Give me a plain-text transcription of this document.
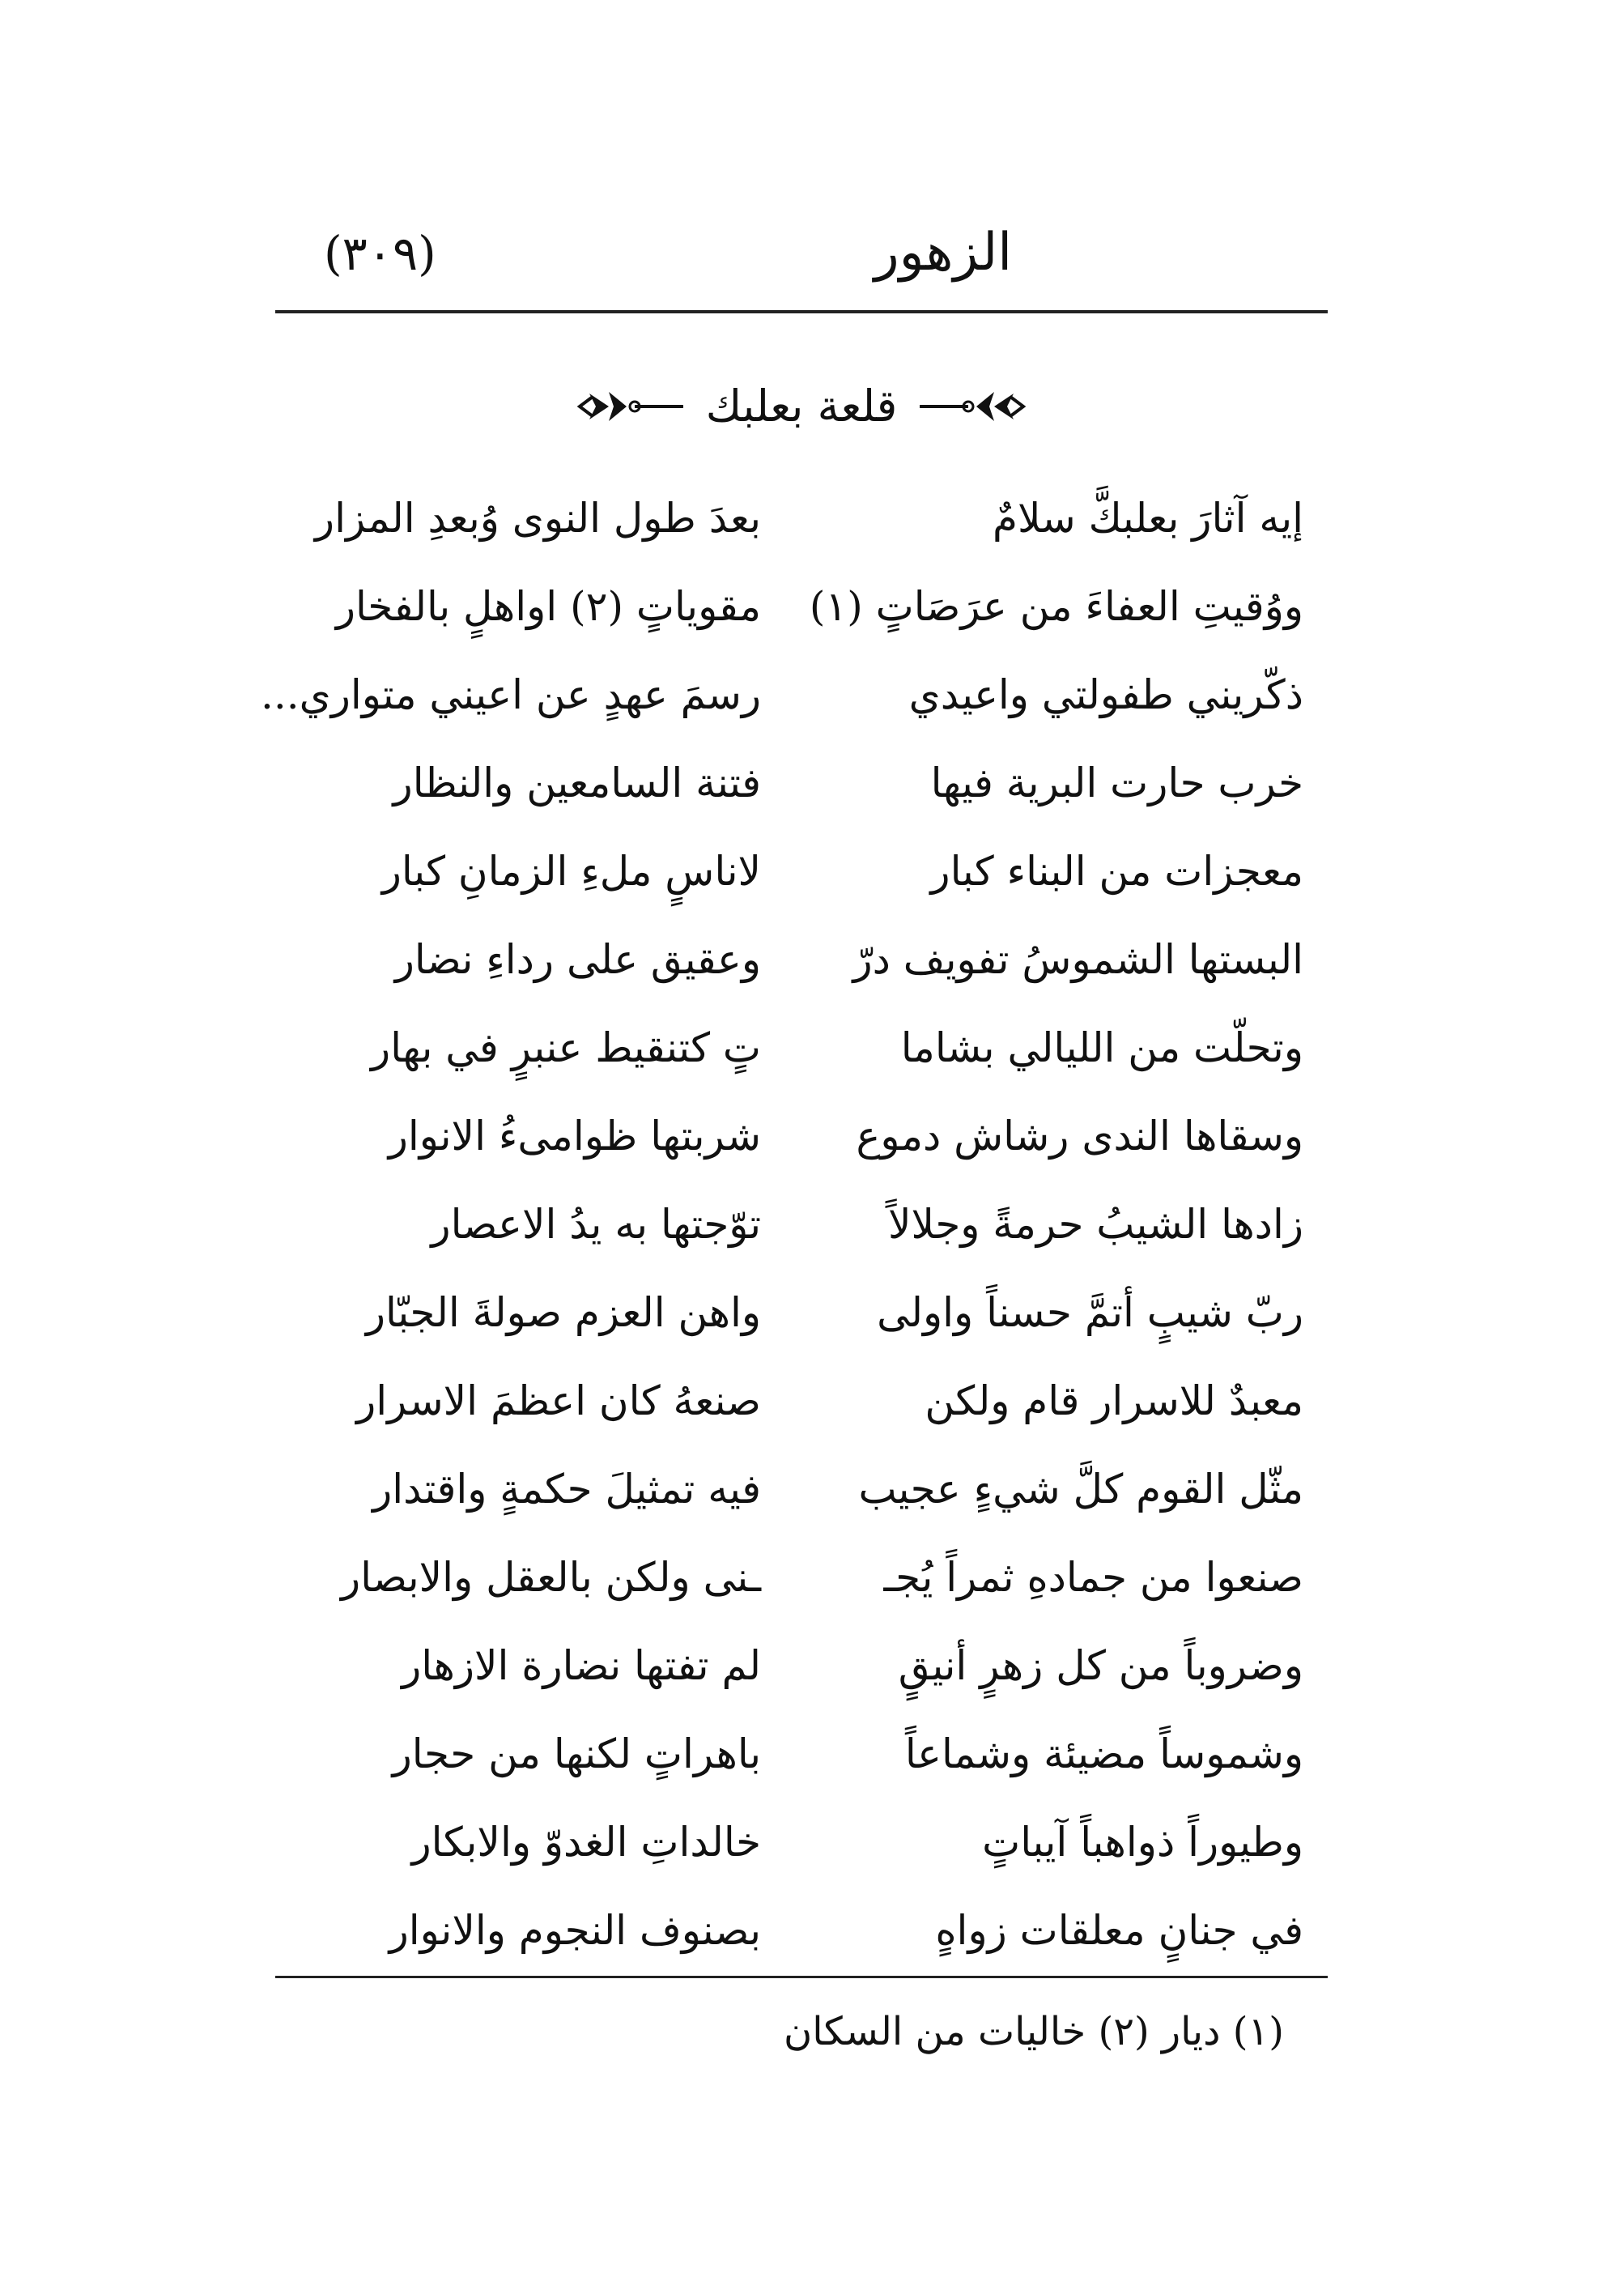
الزهور
(٣٠٩)
قلعة بعلبك
إيه آثارَ بعلبكَّ سلامٌ
بعدَ طول النوى وُبعدِ المزار
ووُقيتِ العفاءَ من عرَصَاتٍ (١)
مقوياتٍ (٢) اواهلٍ بالفخار
ذكّريني طفولتي واعيدي
رسمَ عهدٍ عن اعيني متواري...
خرب حارت البرية فيها
فتنة السامعين والنظار
معجزات من البناء كبار
لاناسٍ ملءِ الزمانِ كبار
البستها الشموسُ تفويف درّ
وعقيق على رداءِ نضار
وتحلّت من الليالي بشاما
تٍ كتنقيط عنبرٍ في بهار
وسقاها الندى رشاش دموع
شربتها ظوامىءُ الانوار
زادها الشيبُ حرمةً وجلالاً
توّجتها به يدُ الاعصار
ربّ شيبٍ أتمَّ حسناً واولى
واهن العزم صولةَ الجبّار
معبدٌ للاسرار قام ولكن
صنعهُ كان اعظمَ الاسرار
مثّل القوم كلَّ شيءٍ عجيب
فيه تمثيلَ حكمةٍ واقتدار
صنعوا من جمادهِ ثمراً يُجـ
ـنى ولكن بالعقل والابصار
وضروباً من كل زهرٍ أنيقٍ
لم تفتها نضارة الازهار
وشموساً مضيئة وشماعاً
باهراتٍ لكنها من حجار
وطيوراً ذواهباً آيباتٍ
خالداتِ الغدوّ والابكار
في جنانٍ معلقات زواهٍ
بصنوف النجوم والانوار
(١) ديار (٢) خاليات من السكان
